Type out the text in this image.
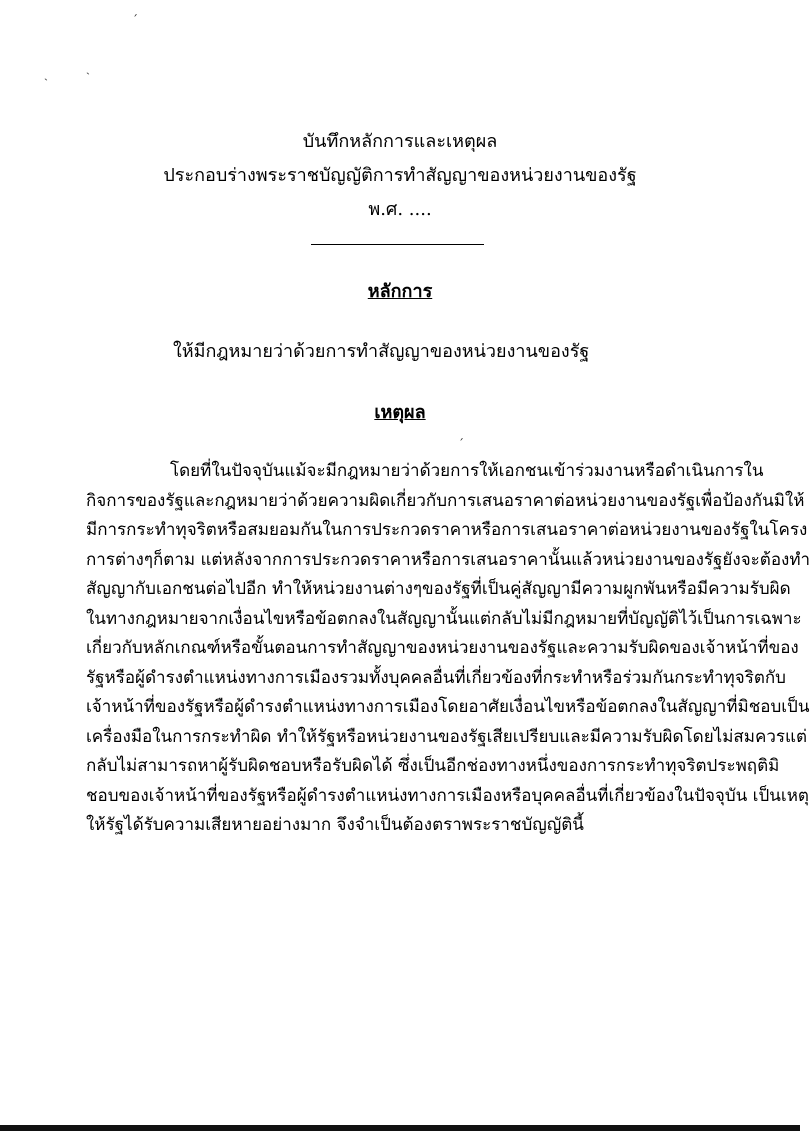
ˊ
ˎ
ˏ
ˊ

บันทึกหลักการและเหตุผล

ประกอบร่างพระราชบัญญัติการทำสัญญาของหน่วยงานของรัฐ

พ.ศ. ....

หลักการ

ให้มีกฎหมายว่าด้วยการทำสัญญาของหน่วยงานของรัฐ

เหตุผล

โดยที่ในปัจจุบันแม้จะมีกฎหมายว่าด้วยการให้เอกชนเข้าร่วมงานหรือดำเนินการใน

กิจการของรัฐและกฎหมายว่าด้วยความผิดเกี่ยวกับการเสนอราคาต่อหน่วยงานของรัฐเพื่อป้องกันมิให้

มีการกระทำทุจริตหรือสมยอมกันในการประกวดราคาหรือการเสนอราคาต่อหน่วยงานของรัฐในโครง

การต่างๆก็ตาม แต่หลังจากการประกวดราคาหรือการเสนอราคานั้นแล้วหน่วยงานของรัฐยังจะต้องทำ

สัญญากับเอกชนต่อไปอีก ทำให้หน่วยงานต่างๆของรัฐที่เป็นคู่สัญญามีความผูกพันหรือมีความรับผิด

ในทางกฎหมายจากเงื่อนไขหรือข้อตกลงในสัญญานั้นแต่กลับไม่มีกฎหมายที่บัญญัติไว้เป็นการเฉพาะ

เกี่ยวกับหลักเกณฑ์หรือขั้นตอนการทำสัญญาของหน่วยงานของรัฐและความรับผิดของเจ้าหน้าที่ของ

รัฐหรือผู้ดำรงตำแหน่งทางการเมืองรวมทั้งบุคคลอื่นที่เกี่ยวข้องที่กระทำหรือร่วมกันกระทำทุจริตกับ

เจ้าหน้าที่ของรัฐหรือผู้ดำรงตำแหน่งทางการเมืองโดยอาศัยเงื่อนไขหรือข้อตกลงในสัญญาที่มิชอบเป็น

เครื่องมือในการกระทำผิด ทำให้รัฐหรือหน่วยงานของรัฐเสียเปรียบและมีความรับผิดโดยไม่สมควรแต่

กลับไม่สามารถหาผู้รับผิดชอบหรือรับผิดได้ ซึ่งเป็นอีกช่องทางหนึ่งของการกระทำทุจริตประพฤติมิ

ชอบของเจ้าหน้าที่ของรัฐหรือผู้ดำรงตำแหน่งทางการเมืองหรือบุคคลอื่นที่เกี่ยวข้องในปัจจุบัน เป็นเหตุ

ให้รัฐได้รับความเสียหายอย่างมาก จึงจำเป็นต้องตราพระราชบัญญัตินี้
